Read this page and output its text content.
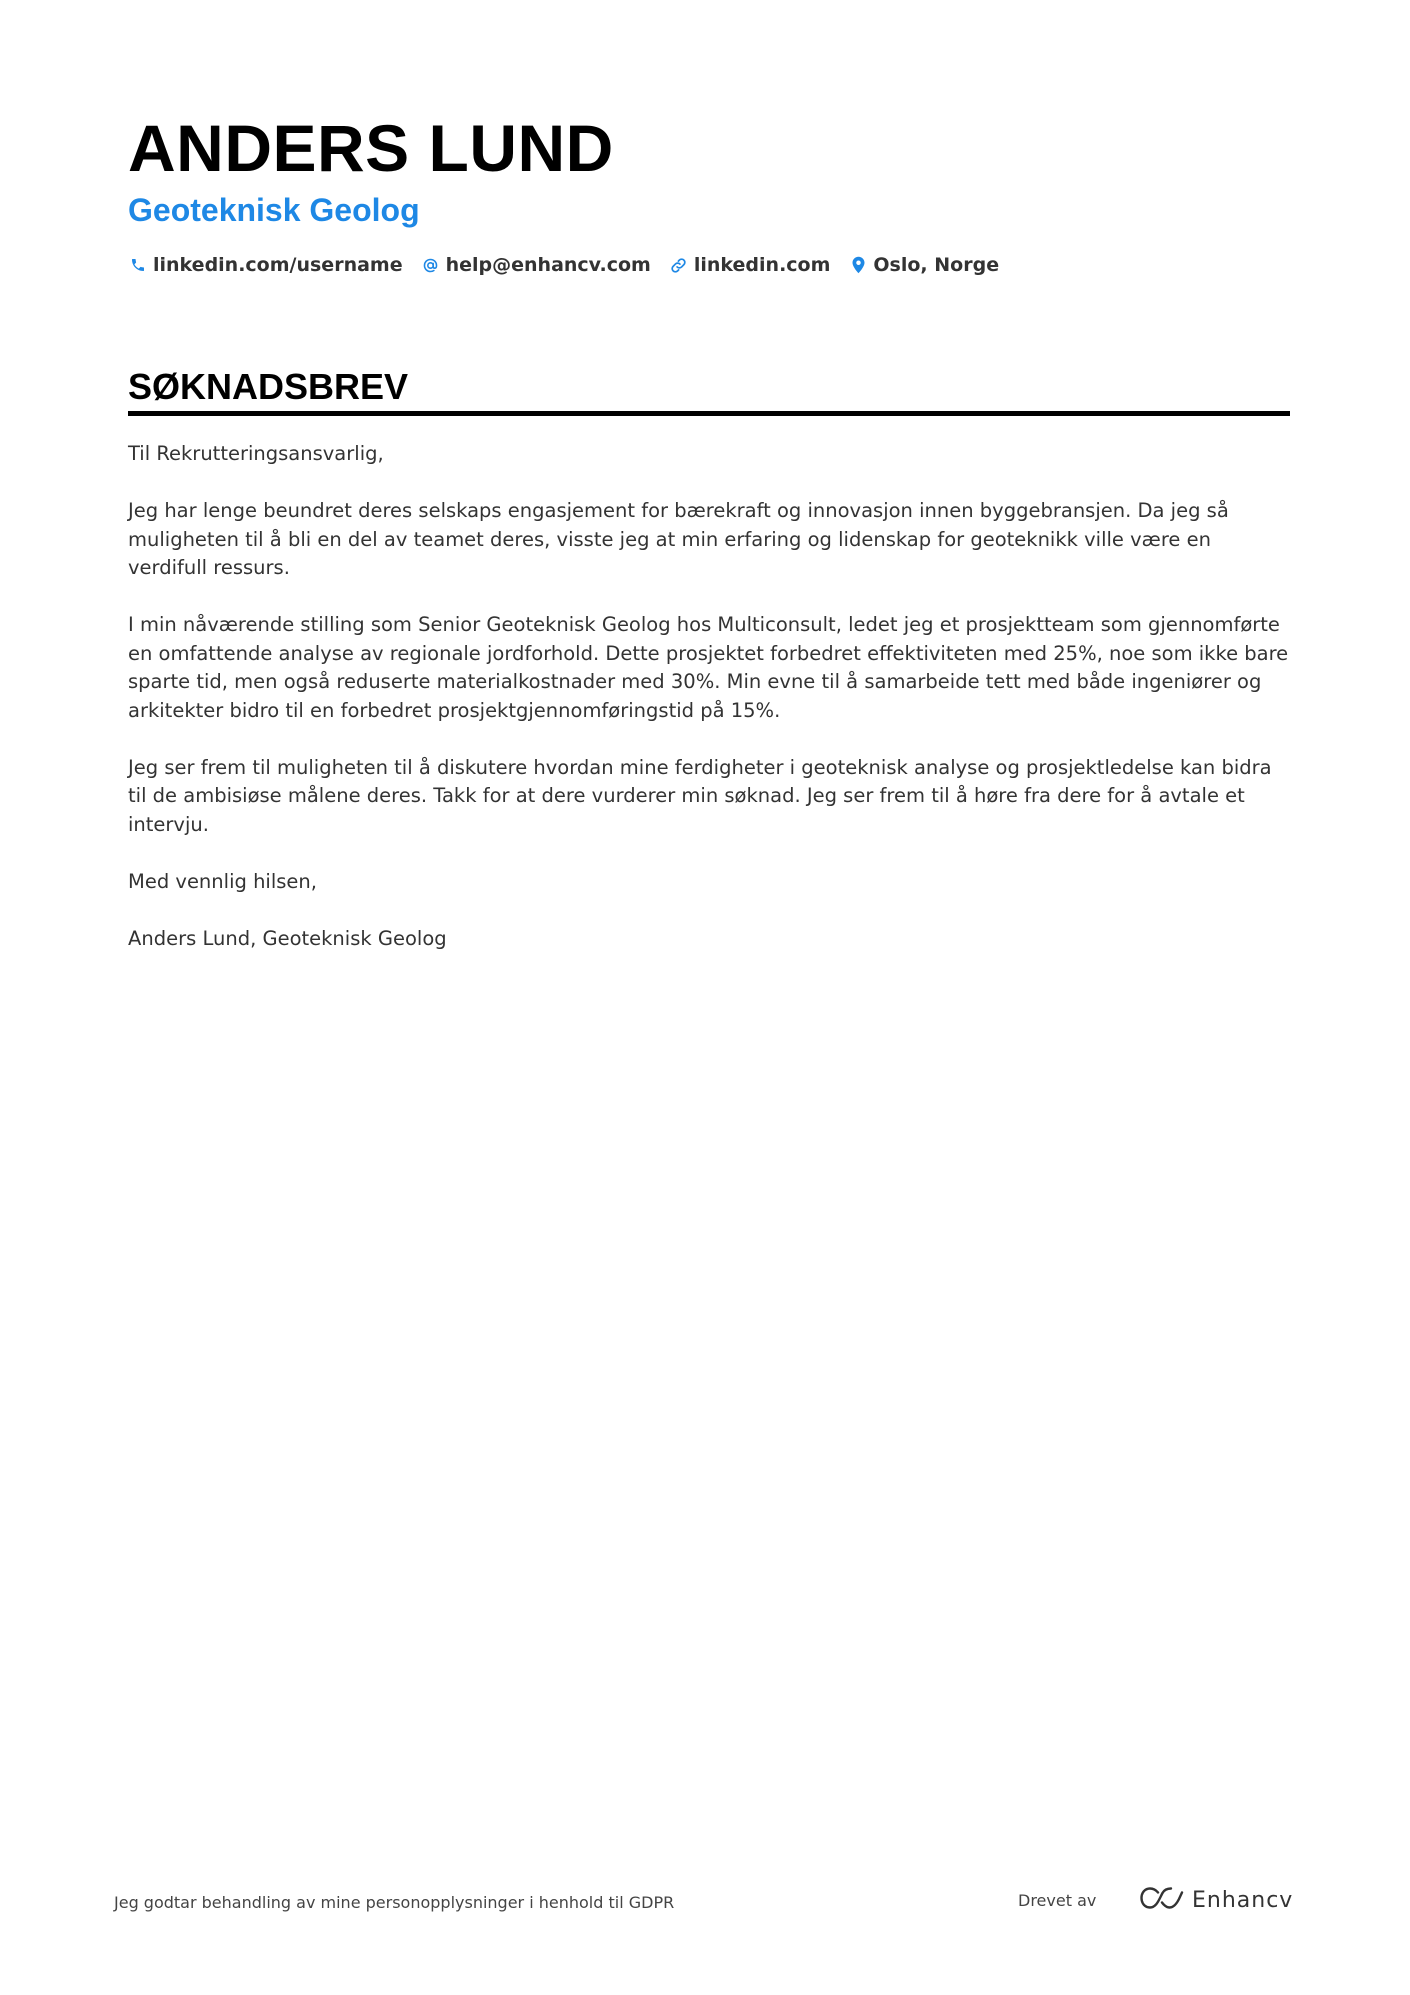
ANDERS LUND
Geoteknisk Geolog
linkedin.com/username help@enhancv.com linkedin.com Oslo, Norge
SØKNADSBREV

Til Rekrutteringsansvarlig,

Jeg har lenge beundret deres selskaps engasjement for bærekraft og innovasjon innen byggebransjen. Da jeg så muligheten til å bli en del av teamet deres, visste jeg at min erfaring og lidenskap for geoteknikk ville være en verdifull ressurs.

I min nåværende stilling som Senior Geoteknisk Geolog hos Multiconsult, ledet jeg et prosjektteam som gjennomførte en omfattende analyse av regionale jordforhold. Dette prosjektet forbedret effektiviteten med 25%, noe som ikke bare sparte tid, men også reduserte materialkostnader med 30%. Min evne til å samarbeide tett med både ingeniører og arkitekter bidro til en forbedret prosjektgjennomføringstid på 15%.

Jeg ser frem til muligheten til å diskutere hvordan mine ferdigheter i geoteknisk analyse og prosjektledelse kan bidra til de ambisiøse målene deres. Takk for at dere vurderer min søknad. Jeg ser frem til å høre fra dere for å avtale et intervju.

Med vennlig hilsen,

Anders Lund, Geoteknisk Geolog

Jeg godtar behandling av mine personopplysninger i henhold til GDPR	Drevet av	Enhancv
